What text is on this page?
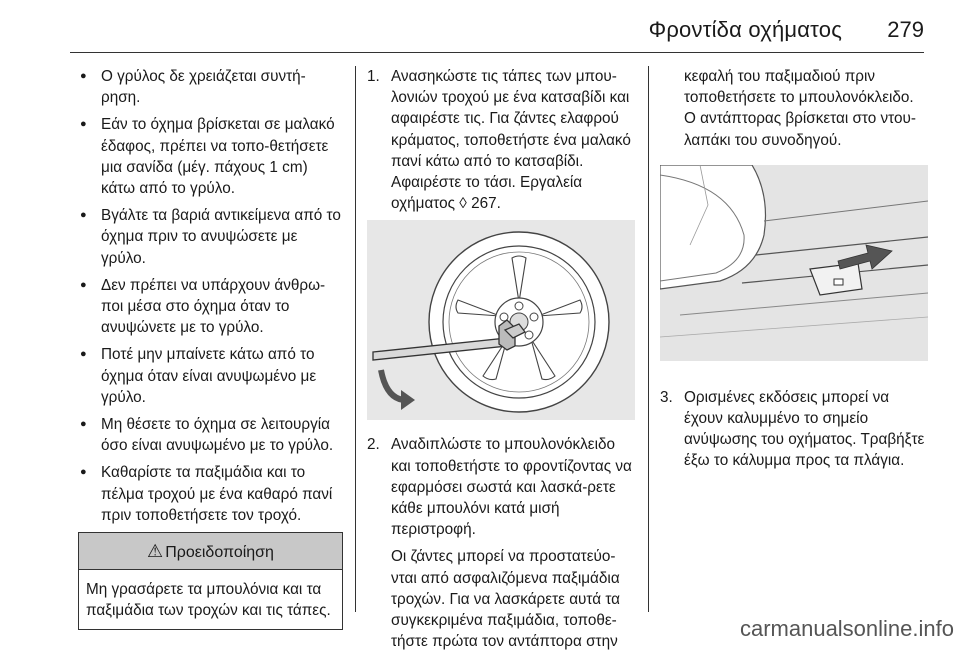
Φροντίδα οχήματος 279
● Ο γρύλος δε χρειάζεται συντή-ρηση.
● Εάν το όχημα βρίσκεται σε μαλακό έδαφος, πρέπει να τοπο-θετήσετε μια σανίδα (μέγ. πάχους 1 cm) κάτω από το γρύλο.
● Βγάλτε τα βαριά αντικείμενα από το όχημα πριν το ανυψώσετε με γρύλο.
● Δεν πρέπει να υπάρχουν άνθρω-ποι μέσα στο όχημα όταν το ανυψώνετε με το γρύλο.
● Ποτέ μην μπαίνετε κάτω από το όχημα όταν είναι ανυψωμένο με γρύλο.
● Μη θέσετε το όχημα σε λειτουργία όσο είναι ανυψωμένο με το γρύλο.
● Καθαρίστε τα παξιμάδια και το πέλμα τροχού με ένα καθαρό πανί πριν τοποθετήσετε τον τροχό.
⚠ Προειδοποίηση
Μη γρασάρετε τα μπουλόνια και τα παξιμάδια των τροχών και τις τάπες.
1. Ανασηκώστε τις τάπες των μπου-λονιών τροχού με ένα κατσαβίδι και αφαιρέστε τις. Για ζάντες ελαφρού κράματος, τοποθετήστε ένα μαλακό πανί κάτω από το κατσαβίδι. Αφαιρέστε το τάσι. Εργαλεία οχήματος ◊ 267.
2. Αναδιπλώστε το μπουλονόκλειδο και τοποθετήστε το φροντίζοντας να εφαρμόσει σωστά και λασκά-ρετε κάθε μπουλόνι κατά μισή περιστροφή.
Οι ζάντες μπορεί να προστατεύο-νται από ασφαλιζόμενα παξιμάδια τροχών. Για να λασκάρετε αυτά τα συγκεκριμένα παξιμάδια, τοποθε-τήστε πρώτα τον αντάπτορα στην
κεφαλή του παξιμαδιού πριν τοποθετήσετε το μπουλονόκλειδο. Ο αντάπτορας βρίσκεται στο ντου-λαπάκι του συνοδηγού.
3. Ορισμένες εκδόσεις μπορεί να έχουν καλυμμένο το σημείο ανύψωσης του οχήματος. Τραβήξτε έξω το κάλυμμα προς τα πλάγια.
carmanualsonline.info
